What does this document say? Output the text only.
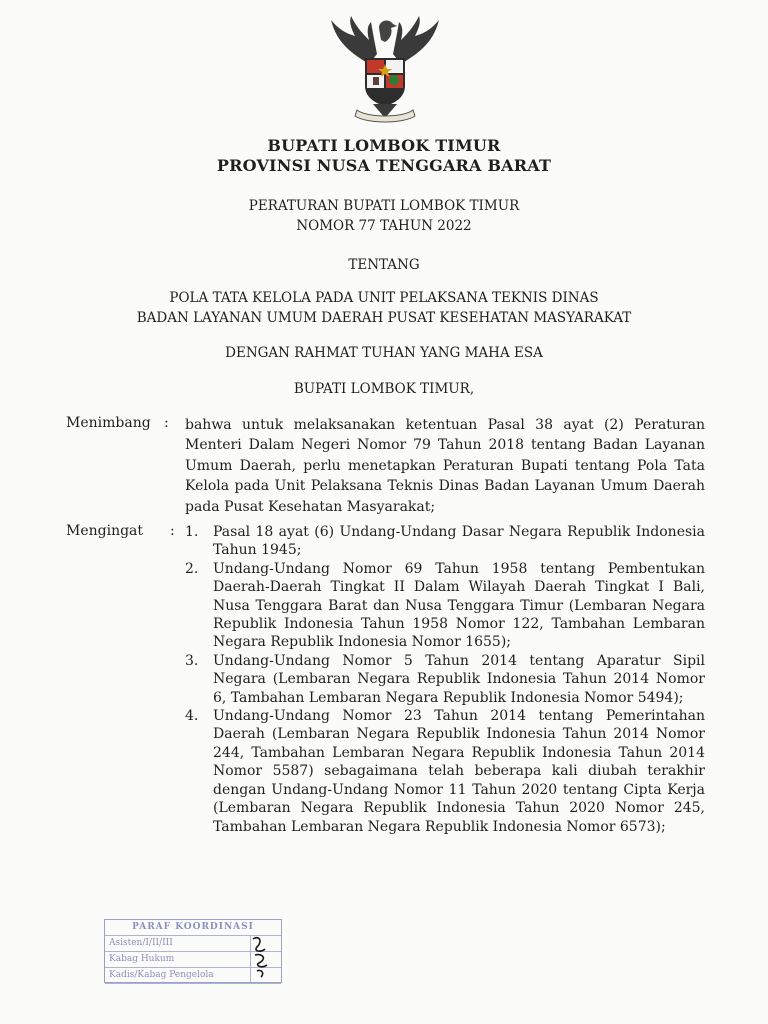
BUPATI LOMBOK TIMUR
PROVINSI NUSA TENGGARA BARAT
PERATURAN BUPATI LOMBOK TIMUR
NOMOR 77 TAHUN 2022
TENTANG
POLA TATA KELOLA PADA UNIT PELAKSANA TEKNIS DINAS
BADAN LAYANAN UMUM DAERAH PUSAT KESEHATAN MASYARAKAT
DENGAN RAHMAT TUHAN YANG MAHA ESA
BUPATI LOMBOK TIMUR,
Menimbang : bahwa untuk melaksanakan ketentuan Pasal 38 ayat (2) Peraturan Menteri Dalam Negeri Nomor 79 Tahun 2018 tentang Badan Layanan Umum Daerah, perlu menetapkan Peraturan Bupati tentang Pola Tata Kelola pada Unit Pelaksana Teknis Dinas Badan Layanan Umum Daerah pada Pusat Kesehatan Masyarakat;
Mengingat : 1. Pasal 18 ayat (6) Undang-Undang Dasar Negara Republik Indonesia Tahun 1945;
2. Undang-Undang Nomor 69 Tahun 1958 tentang Pembentukan Daerah-Daerah Tingkat II Dalam Wilayah Daerah Tingkat I Bali, Nusa Tenggara Barat dan Nusa Tenggara Timur (Lembaran Negara Republik Indonesia Tahun 1958 Nomor 122, Tambahan Lembaran Negara Republik Indonesia Nomor 1655);
3. Undang-Undang Nomor 5 Tahun 2014 tentang Aparatur Sipil Negara (Lembaran Negara Republik Indonesia Tahun 2014 Nomor 6, Tambahan Lembaran Negara Republik Indonesia Nomor 5494);
4. Undang-Undang Nomor 23 Tahun 2014 tentang Pemerintahan Daerah (Lembaran Negara Republik Indonesia Tahun 2014 Nomor 244, Tambahan Lembaran Negara Republik Indonesia Tahun 2014 Nomor 5587) sebagaimana telah beberapa kali diubah terakhir dengan Undang-Undang Nomor 11 Tahun 2020 tentang Cipta Kerja (Lembaran Negara Republik Indonesia Tahun 2020 Nomor 245, Tambahan Lembaran Negara Republik Indonesia Nomor 6573);
PARAF KOORDINASI
Asisten/I/II/III
Kabag Hukum
Kadis/Kabag Pengelola
